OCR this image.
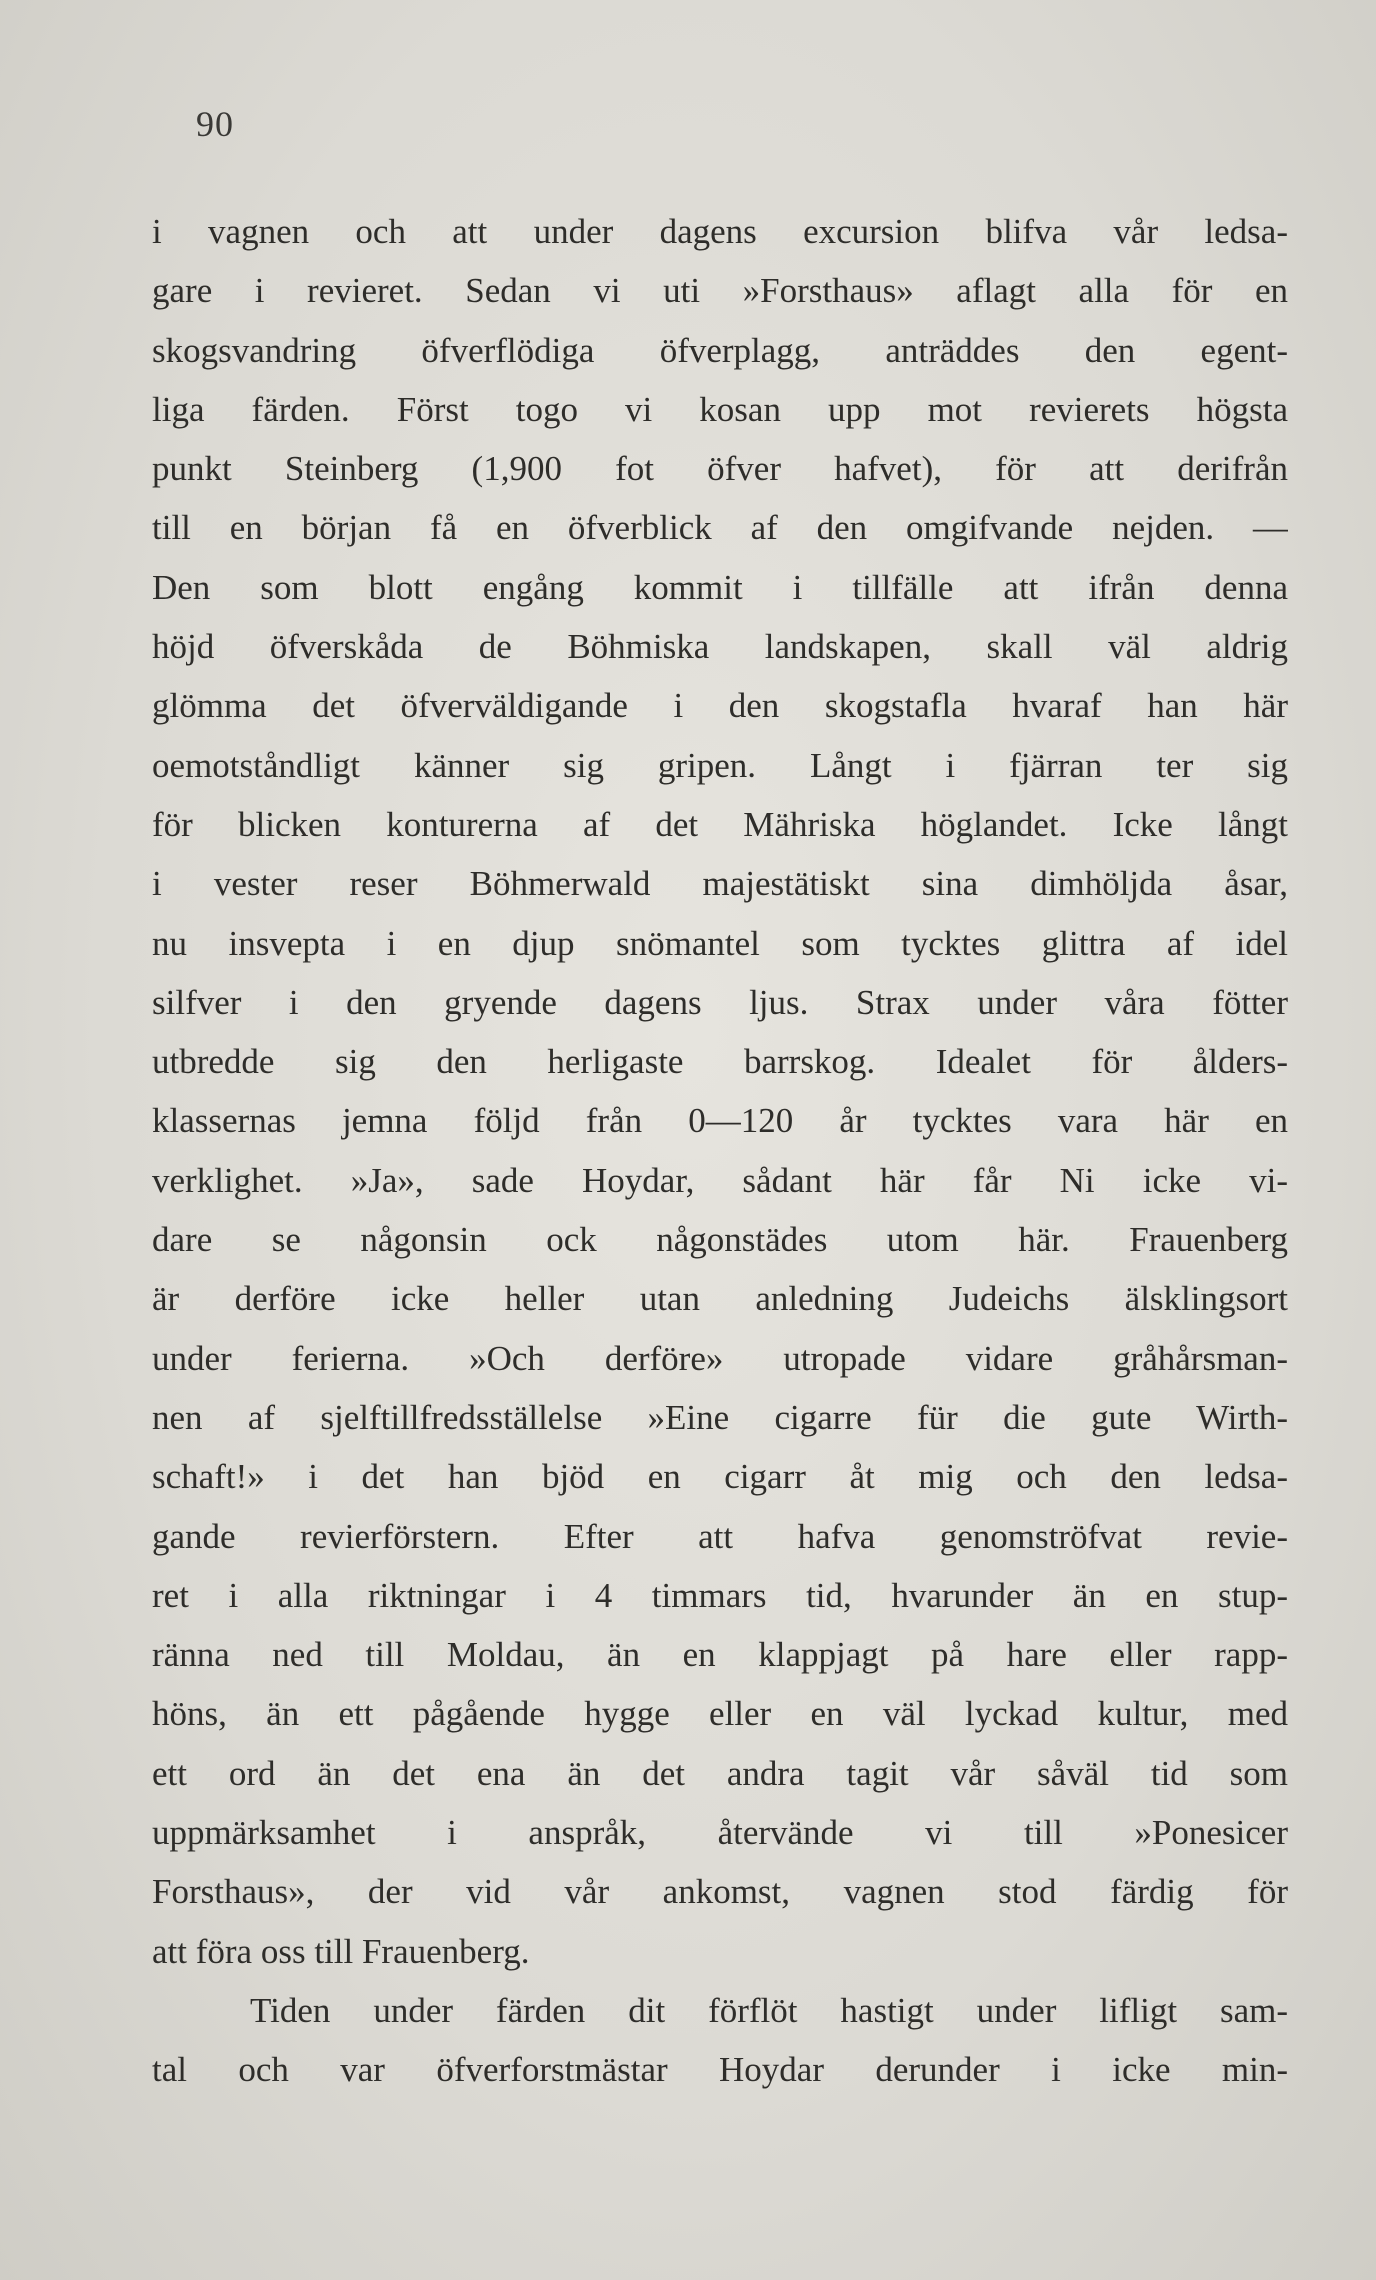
90
i vagnen och att under dagens excursion blifva vår ledsa-
gare i revieret. Sedan vi uti »Forsthaus» aflagt alla för en
skogsvandring öfverflödiga öfverplagg, anträddes den egent-
liga färden. Först togo vi kosan upp mot revierets högsta
punkt Steinberg (1,900 fot öfver hafvet), för att derifrån
till en början få en öfverblick af den omgifvande nejden. —
Den som blott engång kommit i tillfälle att ifrån denna
höjd öfverskåda de Böhmiska landskapen, skall väl aldrig
glömma det öfverväldigande i den skogstafla hvaraf han här
oemotståndligt känner sig gripen. Långt i fjärran ter sig
för blicken konturerna af det Mähriska höglandet. Icke långt
i vester reser Böhmerwald majestätiskt sina dimhöljda åsar,
nu insvepta i en djup snömantel som tycktes glittra af idel
silfver i den gryende dagens ljus. Strax under våra fötter
utbredde sig den herligaste barrskog. Idealet för ålders-
klassernas jemna följd från 0—120 år tycktes vara här en
verklighet. »Ja», sade Hoydar, sådant här får Ni icke vi-
dare se någonsin ock någonstädes utom här. Frauenberg
är derföre icke heller utan anledning Judeichs älsklingsort
under ferierna. »Och derföre» utropade vidare gråhårsman-
nen af sjelftillfredsställelse »Eine cigarre für die gute Wirth-
schaft!» i det han bjöd en cigarr åt mig och den ledsa-
gande revierförstern. Efter att hafva genomströfvat revie-
ret i alla riktningar i 4 timmars tid, hvarunder än en stup-
ränna ned till Moldau, än en klappjagt på hare eller rapp-
höns, än ett pågående hygge eller en väl lyckad kultur, med
ett ord än det ena än det andra tagit vår såväl tid som
uppmärksamhet i anspråk, återvände vi till »Ponesicer
Forsthaus», der vid vår ankomst, vagnen stod färdig för
att föra oss till Frauenberg.
Tiden under färden dit förflöt hastigt under lifligt sam-
tal och var öfverforstmästar Hoydar derunder i icke min-
